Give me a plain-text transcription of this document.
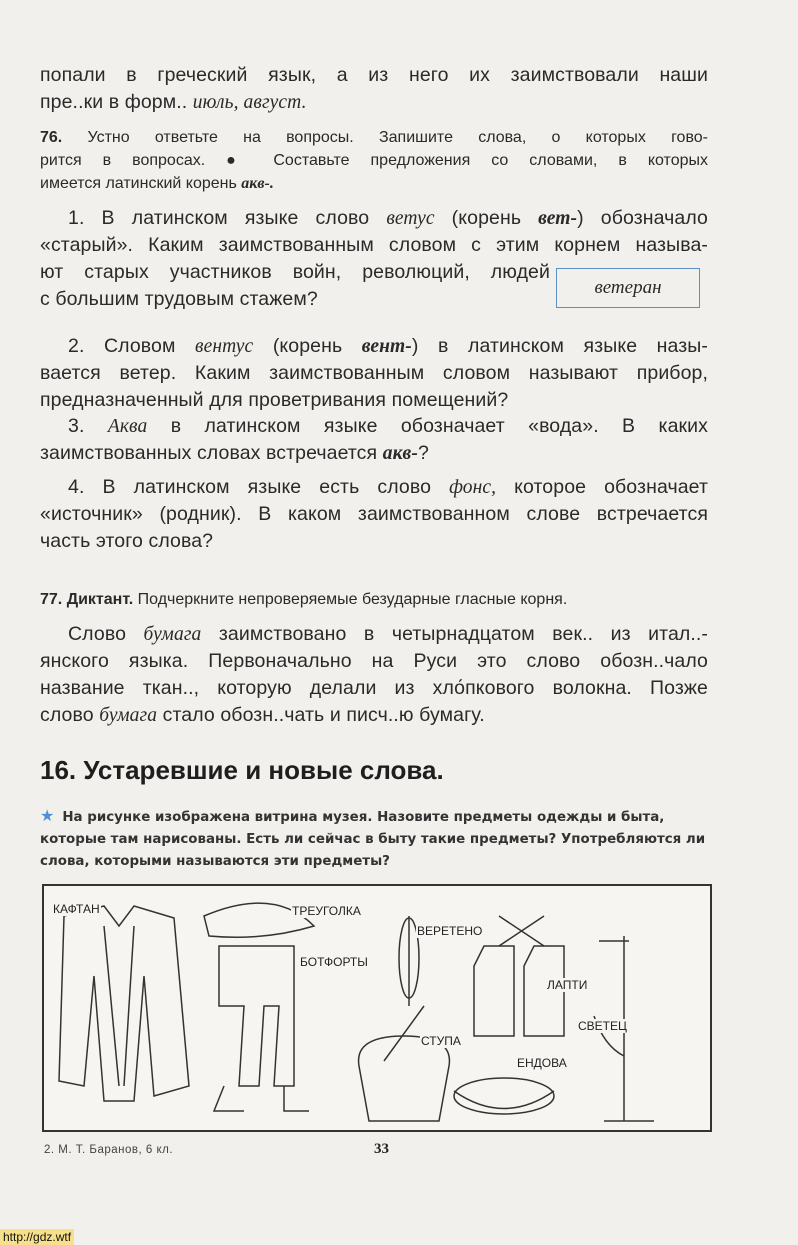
попали в греческий язык, а из него их заимствовали наши
пре..ки в форм.. июль, август.
76. Устно ответьте на вопросы. Запишите слова, о которых гово-
рится в вопросах. ● Составьте предложения со словами, в которых
имеется латинский корень акв-.
1. В латинском языке слово ветус (корень вет-) обозначало
«старый». Каким заимствованным словом с этим корнем называ-
ют старых участников войн, революций, людей
с большим трудовым стажем?
ветеран
2. Словом вентус (корень вент-) в латинском языке назы-
вается ветер. Каким заимствованным словом называют прибор,
предназначенный для проветривания помещений?
3. Аква в латинском языке обозначает «вода». В каких
заимствованных словах встречается акв-?
4. В латинском языке есть слово фонс, которое обозначает
«источник» (родник). В каком заимствованном слове встречается
часть этого слова?
77. Диктант. Подчеркните непроверяемые безударные гласные корня.
Слово бумага заимствовано в четырнадцатом век.. из итал..-
янского языка. Первоначально на Руси это слово обозн..чало
название ткан.., которую делали из хло́пкового волокна. Позже
слово бумага стало обозн..чать и писч..ю бумагу.
16. Устаревшие и новые слова.
★ На рисунке изображена витрина музея. Назовите предметы одежды и быта, которые там нарисованы. Есть ли сейчас в быту такие предметы? Употребляются ли слова, которыми называются эти предметы?
КАФТАН	ТРЕУГОЛКА
ВЕРЕТЕНО
БОТФОРТЫ
ЛАПТИ
СВЕТЕЦ
СТУПА
ЕНДОВА
2. М. Т. Баранов, 6 кл.	33
http://gdz.wtf
